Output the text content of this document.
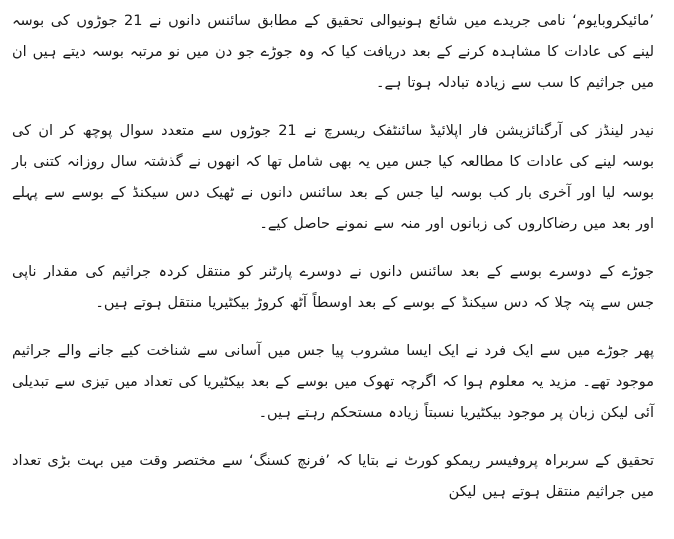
’مائیکروبایوم‘ نامی جریدے میں شائع ہونیوالی تحقیق کے مطابق سائنس دانوں نے 21 جوڑوں کی بوسہ لینے کی عادات کا مشاہدہ کرنے کے بعد دریافت کیا کہ وہ جوڑے جو دن میں نو مرتبہ بوسہ دیتے ہیں ان میں جراثیم کا سب سے زیادہ تبادلہ ہوتا ہے۔

نیدر لینڈز کی آرگنائزیشن فار اپلائیڈ سائنٹفک ریسرچ نے 21 جوڑوں سے متعدد سوال پوچھ کر ان کی بوسہ لینے کی عادات کا مطالعہ کیا جس میں یہ بھی شامل تھا کہ انھوں نے گذشتہ سال روزانہ کتنی بار بوسہ لیا اور آخری بار کب بوسہ لیا جس کے بعد سائنس دانوں نے ٹھیک دس سیکنڈ کے بوسے سے پہلے اور بعد میں رضاکاروں کی زبانوں اور منہ سے نمونے حاصل کیے۔

جوڑے کے دوسرے بوسے کے بعد سائنس دانوں نے دوسرے پارٹنر کو منتقل کردہ جراثیم کی مقدار ناپی جس سے پتہ چلا کہ دس سیکنڈ کے بوسے کے بعد اوسطاً آٹھ کروڑ بیکٹیریا منتقل ہوتے ہیں۔

پھر جوڑے میں سے ایک فرد نے ایک ایسا مشروب پیا جس میں آسانی سے شناخت کیے جانے والے جراثیم موجود تھے۔ مزید یہ معلوم ہوا کہ اگرچہ تھوک میں بوسے کے بعد بیکٹیریا کی تعداد میں تیزی سے تبدیلی آئی لیکن زبان پر موجود بیکٹیریا نسبتاً زیادہ مستحکم رہتے ہیں۔

تحقیق کے سربراہ پروفیسر ریمکو کورٹ نے بتایا کہ ’فرنچ کسنگ‘ سے مختصر وقت میں بہت بڑی تعداد میں جراثیم منتقل ہوتے ہیں لیکن
